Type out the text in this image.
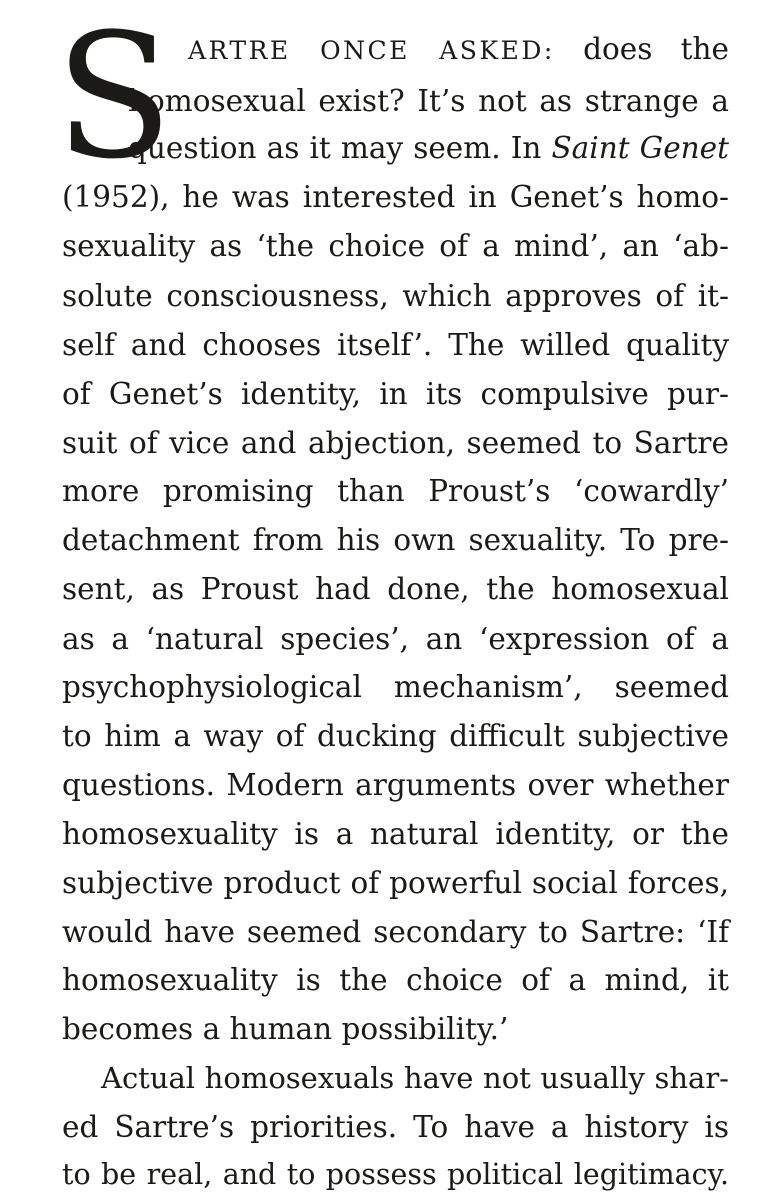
S ARTRE ONCE ASKED: does the
homosexual exist? It’s not as strange a
question as it may seem. In Saint Genet
(1952), he was interested in Genet’s homo-
sexuality as ‘the choice of a mind’, an ‘ab-
solute consciousness, which approves of it-
self and chooses itself’. The willed quality
of Genet’s identity, in its compulsive pur-
suit of vice and abjection, seemed to Sartre
more promising than Proust’s ‘cowardly’
detachment from his own sexuality. To pre-
sent, as Proust had done, the homosexual
as a ‘natural species’, an ‘expression of a
psychophysiological mechanism’, seemed
to him a way of ducking difficult subjective
questions. Modern arguments over whether
homosexuality is a natural identity, or the
subjective product of powerful social forces,
would have seemed secondary to Sartre: ‘If
homosexuality is the choice of a mind, it
becomes a human possibility.’
Actual homosexuals have not usually shar-
ed Sartre’s priorities. To have a history is
to be real, and to possess political legitimacy.
